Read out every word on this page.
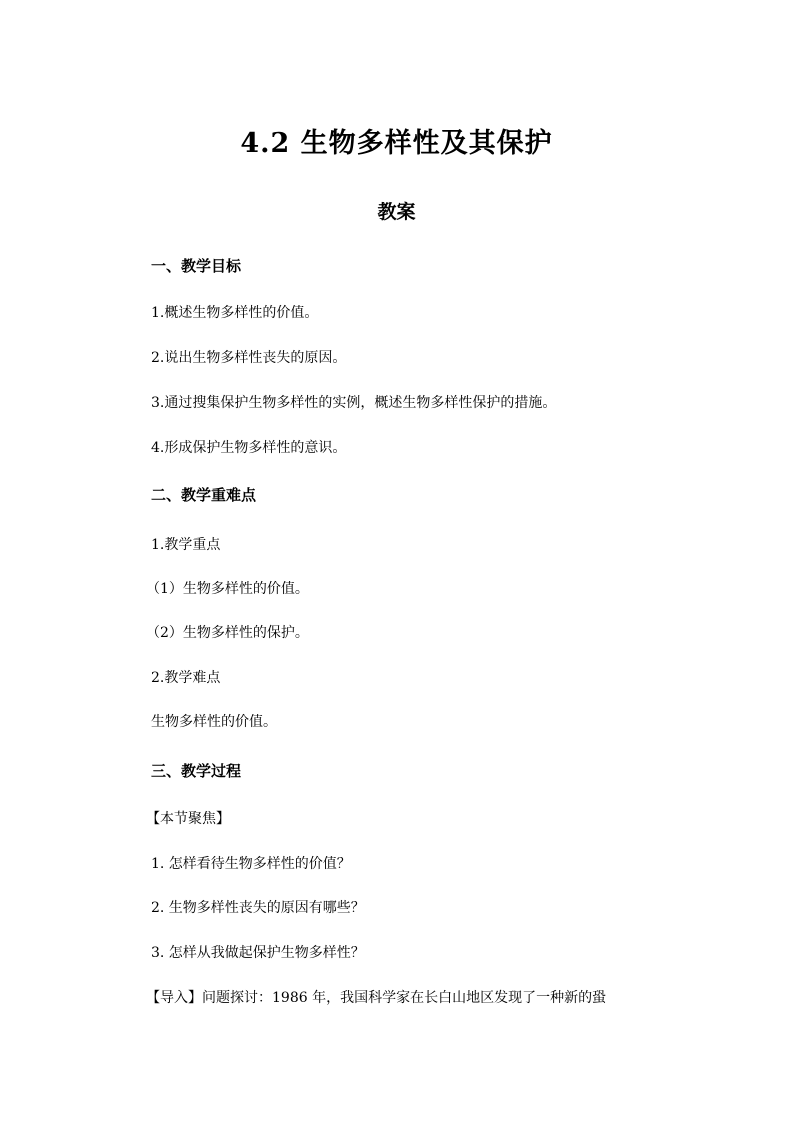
4.2 生物多样性及其保护
教案
一、教学目标
1.概述生物多样性的价值。
2.说出生物多样性丧失的原因。
3.通过搜集保护生物多样性的实例，概述生物多样性保护的措施。
4.形成保护生物多样性的意识。
二、教学重难点
1.教学重点
（1）生物多样性的价值。
（2）生物多样性的保护。
2.教学难点
生物多样性的价值。
三、教学过程
【本节聚焦】
1. 怎样看待生物多样性的价值？
2. 生物多样性丧失的原因有哪些？
3. 怎样从我做起保护生物多样性？
【导入】问题探讨：1986 年，我国科学家在长白山地区发现了一种新的蛩
